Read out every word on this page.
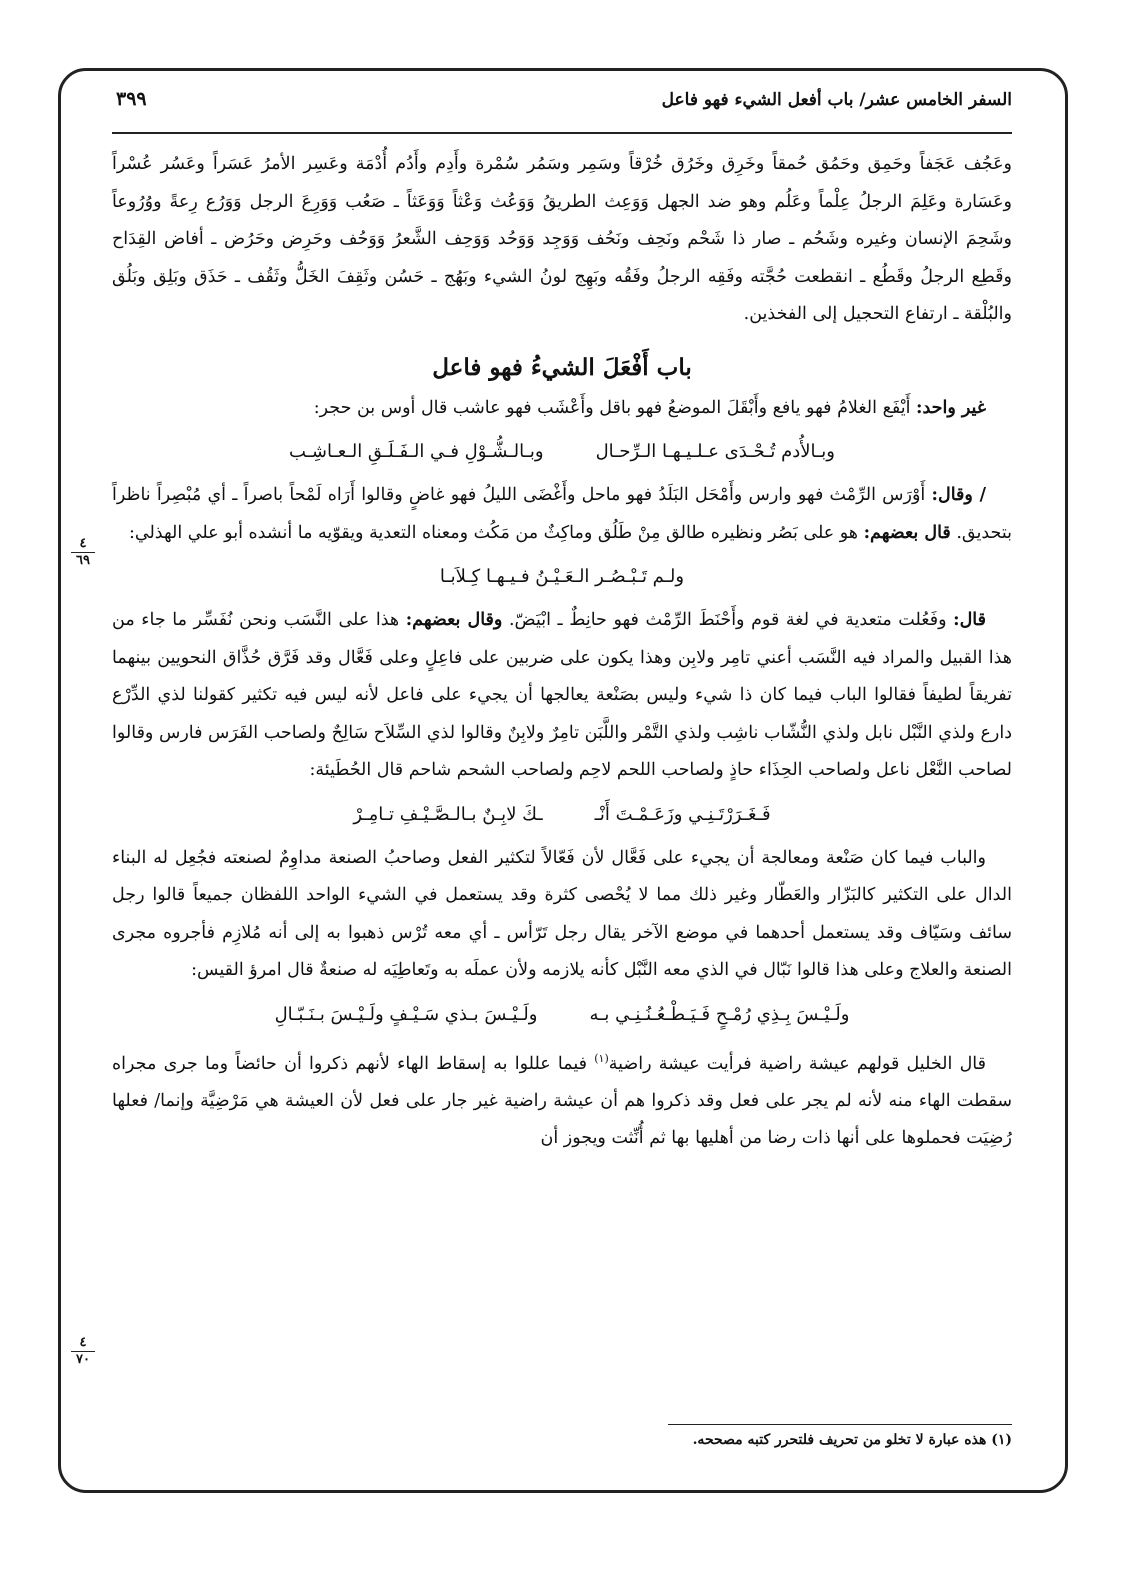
السفر الخامس عشر/ باب أفعل الشيء فهو فاعل
٣٩٩

وعَجُف عَجَفاً وحَمِق وحَمُق حُمقاً وخَرِق وخَرُق خُرْقاً وسَمِر وسَمُر سُمْرة وأَدِم وأَدُم أُدْمَة وعَسِر الأمرُ عَسَراً وعَسُر عُسْراً وعَسَارة وعَلِمَ الرجلُ عِلْماً وعَلُم وهو ضد الجهل وَوَعِث الطريقُ وَوَعُث وَعْثاً وَوَعَثاً ـ صَعُب وَوَرِعَ الرجل وَوَرُع رِعةً ووُرُوعاً وشَحِمَ الإنسان وغيره وشَحُم ـ صار ذا شَحْم ونَحِف ونَحُف وَوَجِد وَوَحُد وَوَحِف الشَّعرُ وَوَحُف وحَرِض وحَرُض ـ أفاض القِدَاح وقَطِع الرجلُ وقَطُع ـ انقطعت حُجَّته وفَقِه الرجلُ وفَقُه وبَهِج لونُ الشيء وبَهُج ـ حَسُن وثَقِفَ الخَلُّ وثَقُف ـ حَذَق وبَلِق وبَلُق والبُلْقة ـ ارتفاع التحجيل إلى الفخذين.

باب أَفْعَلَ الشيءُ فهو فاعل

غير واحد: أَيْفَع الغلامُ فهو يافع وأَبْقَلَ الموضعُ فهو باقل وأَعْشَب فهو عاشب قال أوس بن حجر:

وبـالأُدم تُـحْـدَى عـلـيـهـا الـرِّحـالوبـالـشُّـوْلِ فـي الـفَـلَـقِ الـعـاشِـب

/ وقال: أَوْرَس الرِّمْث فهو وارس وأَمْحَل البَلَدُ فهو ماحل وأَغْضَى الليلُ فهو غاضٍ وقالوا أَرَاه لَمْحاً باصراً ـ أي مُبْصِراً ناظراً بتحديق. قال بعضهم: هو على بَصُر ونظيره طالق مِنْ طَلُق وماكِثٌ من مَكُث ومعناه التعدية ويقوّيه ما أنشده أبو علي الهذلي:

ولـم تَـبْـصُـر الـعَـيْـنُ فـيـهـا كِـلاَبـا

قال: وفَعُلت متعدية في لغة قوم وأَحْنَطَ الرِّمْث فهو حانِطٌ ـ ابْيَضّ. وقال بعضهم: هذا على النَّسَب ونحن نُفَسِّر ما جاء من هذا القبيل والمراد فيه النَّسَب أعني تامِر ولابِن وهذا يكون على ضربين على فاعِلٍ وعلى فَعَّال وقد فَرَّق حُذَّاق النحويين بينهما تفريقاً لطيفاً فقالوا الباب فيما كان ذا شيء وليس بصَنْعة يعالجها أن يجيء على فاعل لأنه ليس فيه تكثير كقولنا لذي الدِّرْع دارع ولذي النَّبْل نابل ولذي النُّشّاب ناشِب ولذي التَّمْر واللَّبَن تامِرٌ ولابِنٌ وقالوا لذي السِّلاَح سَالِحٌ ولصاحب الفَرَس فارس وقالوا لصاحب النَّعْل ناعل ولصاحب الحِذَاء حاذٍ ولصاحب اللحم لاحِم ولصاحب الشحم شاحم قال الحُطَيئة:

فَـغَـرَرْتَـنِـي وزَعَـمْـتَ أَنْــكَ لابِـنٌ بـالـصَّـيْـفِ تـامِـرْ

والباب فيما كان صَنْعة ومعالجة أن يجيء على فَعَّال لأن فَعّالاً لتكثير الفعل وصاحبُ الصنعة مداوِمٌ لصنعته فجُعِل له البناء الدال على التكثير كالبَزّار والعَطّار وغير ذلك مما لا يُحْصى كثرة وقد يستعمل في الشيء الواحد اللفظان جميعاً قالوا رجل سائف وسَيّاف وقد يستعمل أحدهما في موضع الآخر يقال رجل تَرّأس ـ أي معه تُرْس ذهبوا به إلى أنه مُلازِم فأجروه مجرى الصنعة والعلاج وعلى هذا قالوا نَبّال في الذي معه النَّبْل كأنه يلازمه ولأن عملَه به وتَعاطِيَه له صنعةٌ قال امرؤ القيس:

ولَـيْـسَ بِـذِي رُمْـحٍ فَـيَـطْـعُـنُـنِـي بـهولَـيْـسَ بـذي سَـيْـفٍ ولَـيْـسَ بـنَـبّـالِ

قال الخليل قولهم عيشة راضية فرأيت عيشة راضية$^{(١)}$ فيما عللوا به إسقاط الهاء لأنهم ذكروا أن حائضاً وما جرى مجراه سقطت الهاء منه لأنه لم يجر على فعل وقد ذكروا هم أن عيشة راضية غير جار على فعل لأن العيشة هي مَرْضِيَّة وإنما/ فعلها رُضِيَت فحملوها على أنها ذات رضا من أهليها بها ثم أُنِّثت ويجوز أن

٤
٦٩
٤
٧٠
(١) هذه عبارة لا تخلو من تحريف فلتحرر كتبه مصححه.
